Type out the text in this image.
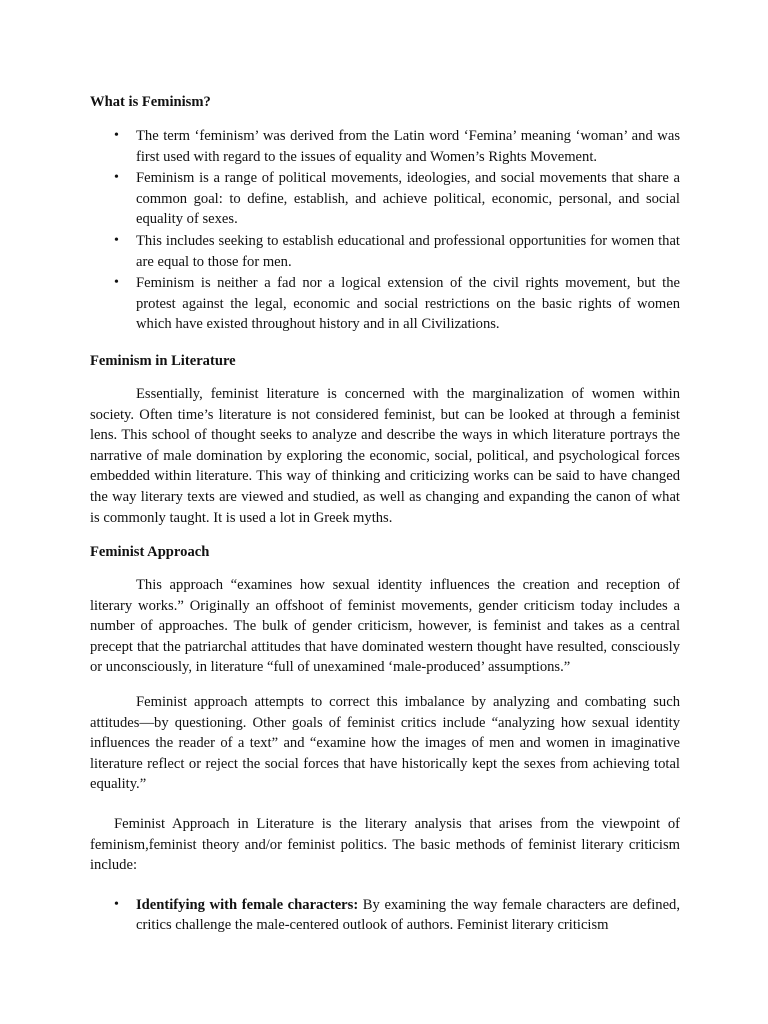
What is Feminism?
• The term ‘feminism’ was derived from the Latin word ‘Femina’ meaning ‘woman’ and was first used with regard to the issues of equality and Women’s Rights Movement.
• Feminism is a range of political movements, ideologies, and social movements that share a common goal: to define, establish, and achieve political, economic, personal, and social equality of sexes.
• This includes seeking to establish educational and professional opportunities for women that are equal to those for men.
• Feminism is neither a fad nor a logical extension of the civil rights movement, but the protest against the legal, economic and social restrictions on the basic rights of women which have existed throughout history and in all Civilizations.
Feminism in Literature

Essentially, feminist literature is concerned with the marginalization of women within society. Often time’s literature is not considered feminist, but can be looked at through a feminist lens. This school of thought seeks to analyze and describe the ways in which literature portrays the narrative of male domination by exploring the economic, social, political, and psychological forces embedded within literature. This way of thinking and criticizing works can be said to have changed the way literary texts are viewed and studied, as well as changing and expanding the canon of what is commonly taught. It is used a lot in Greek myths.

Feminist Approach

This approach “examines how sexual identity influences the creation and reception of literary works.” Originally an offshoot of feminist movements, gender criticism today includes a number of approaches. The bulk of gender criticism, however, is feminist and takes as a central precept that the patriarchal attitudes that have dominated western thought have resulted, consciously or unconsciously, in literature “full of unexamined ‘male-produced’ assumptions.”

Feminist approach attempts to correct this imbalance by analyzing and combating such attitudes—by questioning. Other goals of feminist critics include “analyzing how sexual identity influences the reader of a text” and “examine how the images of men and women in imaginative literature reflect or reject the social forces that have historically kept the sexes from achieving total equality.”

Feminist Approach in Literature is the literary analysis that arises from the viewpoint of feminism,feminist theory and/or feminist politics. The basic methods of feminist literary criticism include:

• Identifying with female characters: By examining the way female characters are defined, critics challenge the male-centered outlook of authors. Feminist literary criticism
